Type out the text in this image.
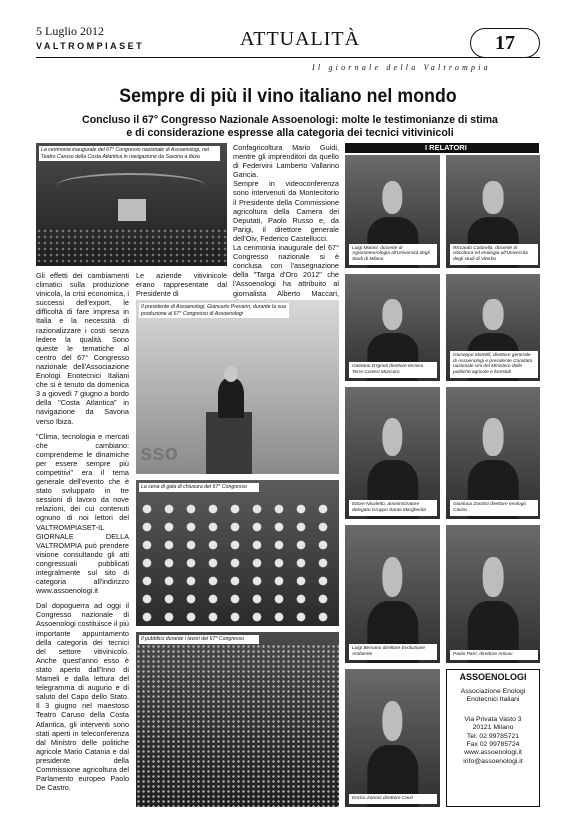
5 Luglio 2012
VALTROMPIASET	ATTUALITÀ	17
Il giornale della Valtrompia
Sempre di più il vino italiano nel mondo
Concluso il 67° Congresso Nazionale Assoenologi: molte le testimonianze di stima
e di considerazione espresse alla categoria dei tecnici vitivinicoli
La cerimonia inaugurale del 67° Congresso nazionale di Assoenologi, nel Teatro Caruso della Costa Atlantica in navigazione da Savona a Ibiza

Gli effetti dei cambiamenti climatici sulla produzione vinicola, la crisi economica, i successi dell'export, le difficoltà di fare impresa in Italia e la necessità di razionalizzare i costi senza ledere la qualità. Sono queste le tematiche al centro del 67° Congresso nazionale dell'Associazione Enologi Enotecnici Italiani che si è tenuto da domenica 3 a giovedì 7 giugno a bordo della "Costa Atlantica" in navigazione da Savona verso Ibiza.

"Clima, tecnologia e mercati che cambiano: comprenderne le dinamiche per essere sempre più competitivi" era il tema generale dell'evento che è stato sviluppato in tre sessioni di lavoro da nove relazioni, dei cui contenuti ognuno di noi lettori del VALTROMPIASET-IL GIORNALE DELLA VALTROMPIA può prendere visione consultando gli atti congressuali pubblicati integralmente sul sito di categoria all'indirizzo www.assoenologi.it

Dal dopoguerra ad oggi il Congresso nazionale di Assoenologi costituisce il più importante appuntamento della categoria dei tecnici del settore vitivinicolo. Anche quest'anno esso è stato aperto dall'Inno di Mameli e dalla lettura del telegramma di augurio e di saluto del Capo dello Stato. Il 3 giugno nel maestoso Teatro Caruso della Costa Atlantica, gli interventi sono stati aperti in teleconferenza dal Ministro delle politiche agricole Mario Catania e dal presidente della Commissione agricoltura del Parlamento europeo Paolo De Castro.

Le aziende vitivinicole erano rappresentate dal Presidente di

Confagricoltura Mario Guidi, mentre gli imprenditori da quello di Federvini Lamberto Vallarino Gancia.

Sempre in videoconferenza sono intervenuti da Montecitorio il Presidente della Commissione agricoltura della Camera dei Deputati, Paolo Russo e, da Parigi, il direttore generale dell'Oiv, Federico Castellucci.

La cerimonia inaugurale del 67° Congresso nazionale si è conclusa con l'assegnazione della "Targa d'Oro 2012" che l'Assoenologi ha attribuito al giornalista Alberto Maccari,

sso
Il presidente di Assoenologi, Giancarlo Prevarin, durante la sua produzione al 67° Congresso di Assoenologi
La cena di gala di chiusura del 67° Congresso
Il pubblico durante i lavori del 67° Congresso
I RELATORI
Luigi Moioni, docente di Agrometeorologia all'Università degli Studi di Milano
Riccardo Cotarella, docente di viticoltura ed enologia all'Università degli studi di Viterbo
Gaetano D'Ignoti direttore tecnico Terre Cortesi Moncaro
Giuseppe Martelli, direttore generale di Assoenologi e presidente Comitato nazionale vini del Ministero delle politiche agricole e forestali
Ettore Nicoletto, amministratore delegato Gruppo Santa Margherita
Gianluca Zonzini direttore enologo Caviro
Luigi Bersano direttore Evoluzione Ambiente	Paolo Patrì, direttore Anicav
Enrico Zanoni direttore Cavit
ASSOENOLOGI
Associazione Enologi
Enotecnici Italiani
Via Privata Vasto 3
20121 Milano
Tel. 02 99785721
Fax 02 99785724
www.assoenologi.it
info@assoenologi.it
